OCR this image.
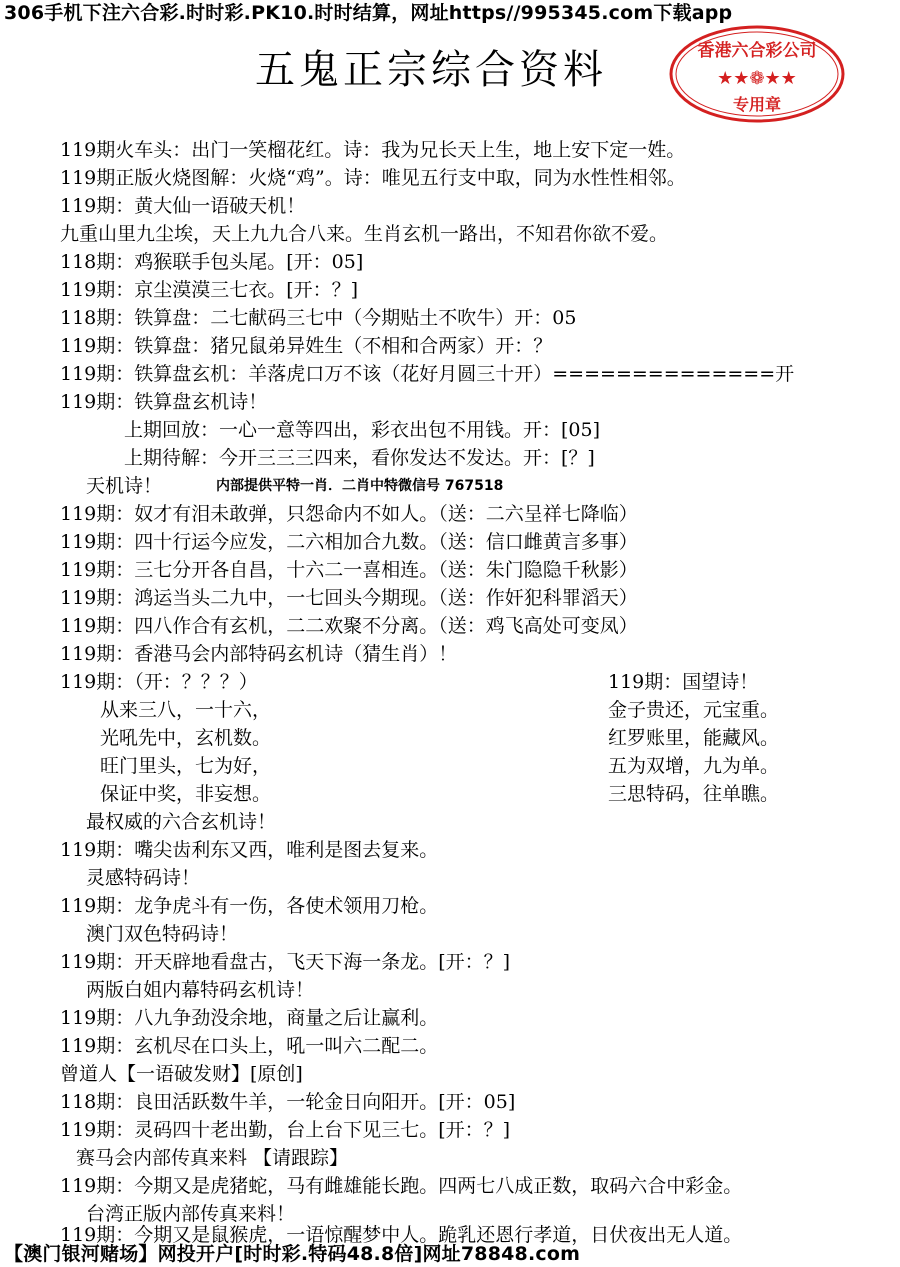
306手机下注六合彩.时时彩.PK10.时时结算，网址https//995345.com下载app
五鬼正宗综合资料	香港六合彩公司
★★❁★★
专用章
119期火车头：出门一笑榴花红。诗：我为兄长天上生，地上安下定一姓。
119期正版火烧图解：火烧“鸡”。诗：唯见五行支中取，同为水性性相邻。
119期：黄大仙一语破天机！
九重山里九尘埃，天上九九合八来。生肖玄机一路出，不知君你欲不爱。
118期：鸡猴联手包头尾。[开：05]
119期：京尘漠漠三七衣。[开：？]
118期：铁算盘：二七献码三七中（今期贴土不吹牛）开：05
119期：铁算盘：猪兄鼠弟异姓生（不相和合两家）开：？
119期：铁算盘玄机：羊落虎口万不该（花好月圆三十开）==============开
119期：铁算盘玄机诗！
上期回放：一心一意等四出，彩衣出包不用钱。开：[05]
上期待解：今开三三三四来，看你发达不发达。开：[？]
天机诗！	内部提供平特一肖．二肖中特微信号 767518
119期：奴才有泪未敢弹，只怨命内不如人。（送：二六呈祥七降临）
119期：四十行运今应发，二六相加合九数。（送：信口雌黄言多事）
119期：三七分开各自昌，十六二一喜相连。（送：朱门隐隐千秋影）
119期：鸿运当头二九中，一七回头今期现。（送：作奸犯科罪滔天）
119期：四八作合有玄机，二二欢聚不分离。（送：鸡飞高处可变凤）
119期：香港马会内部特码玄机诗（猜生肖）！
119期：（开：？？？）
从来三八，一十六，
光吼先中，玄机数。
旺门里头，七为好，
保证中奖，非妄想。
119期：国望诗！
金子贵还，元宝重。
红罗账里，能藏风。
五为双增，九为单。
三思特码，往单瞧。
最权威的六合玄机诗！
119期：嘴尖齿利东又西，唯利是图去复来。
灵感特码诗！
119期：龙争虎斗有一伤，各使术领用刀枪。
澳门双色特码诗！
119期：开天辟地看盘古，飞天下海一条龙。[开：？]
两版白姐内幕特码玄机诗！
119期：八九争劲没余地，商量之后让赢利。
119期：玄机尽在口头上，吼一叫六二配二。
曾道人【一语破发财】[原创]
118期：良田活跃数牛羊，一轮金日向阳开。[开：05]
119期：灵码四十老出勤，台上台下见三七。[开：？]
赛马会内部传真来料 【请跟踪】
119期：今期又是虎猪蛇，马有雌雄能长跑。四两七八成正数，取码六合中彩金。
台湾正版内部传真来料！
119期：今期又是鼠猴虎，一语惊醒梦中人。跪乳还恩行孝道，日伏夜出无人道。
【澳门银河赌场】网投开户[时时彩.特码48.8倍]网址78848.com
